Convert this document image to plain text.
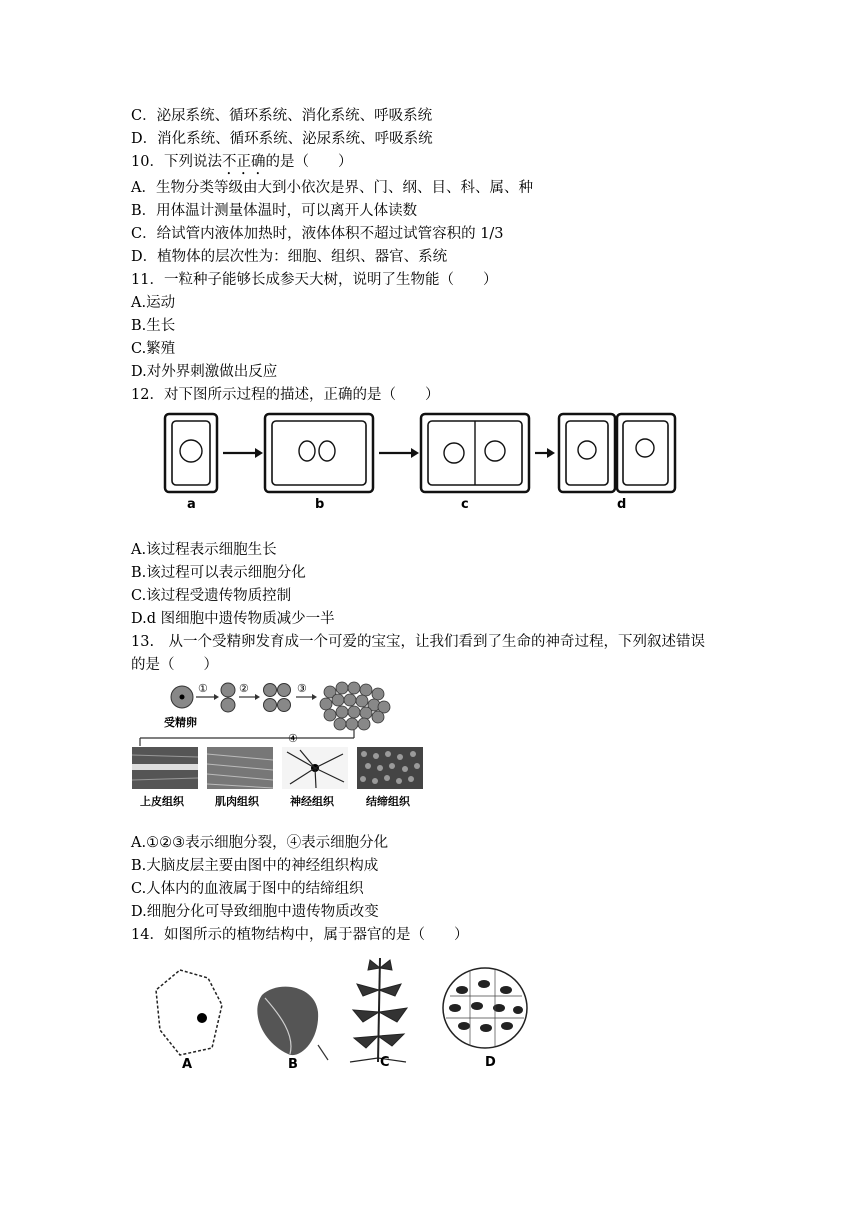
C．泌尿系统、循环系统、消化系统、呼吸系统
D．消化系统、循环系统、泌尿系统、呼吸系统
10．下列说法不正确的是（　　）
A．生物分类等级由大到小依次是界、门、纲、目、科、属、种
B．用体温计测量体温时，可以离开人体读数
C．给试管内液体加热时，液体体积不超过试管容积的 1/3
D．植物体的层次性为：细胞、组织、器官、系统
11．一粒种子能够长成参天大树，说明了生物能（　　）
A.运动
B.生长
C.繁殖
D.对外界刺激做出反应
12．对下图所示过程的描述，正确的是（　　）
a	b	c	d
A.该过程表示细胞生长
B.该过程可以表示细胞分化
C.该过程受遗传物质控制
D.d 图细胞中遗传物质减少一半
13.　从一个受精卵发育成一个可爱的宝宝，让我们看到了生命的神奇过程，下列叙述错误
的是（　　）
受精卵
①	②	③
④
上皮组织	肌肉组织	神经组织	结缔组织
A.①②③表示细胞分裂，④表示细胞分化
B.大脑皮层主要由图中的神经组织构成
C.人体内的血液属于图中的结缔组织
D.细胞分化可导致细胞中遗传物质改变
14．如图所示的植物结构中，属于器官的是（　　）
A	B	C	D
